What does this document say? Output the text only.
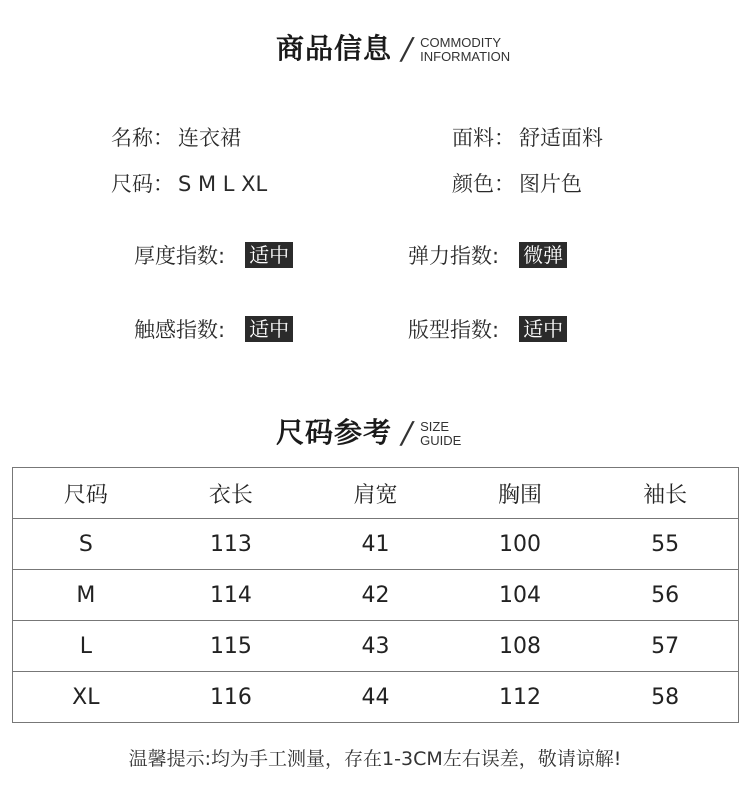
商品信息 / COMMODITY
INFORMATION
名称： 连衣裙	面料： 舒适面料
尺码： S M L XL	颜色： 图片色
厚度指数: 适中	弹力指数: 微弹
触感指数: 适中	版型指数: 适中
尺码参考 / SIZE
GUIDE
尺码	衣长	肩宽	胸围	袖长
S	113	41	100	55
M	114	42	104	56
L	115	43	108	57
XL	116	44	112	58
温馨提示:均为手工测量，存在1-3CM左右误差，敬请谅解!
